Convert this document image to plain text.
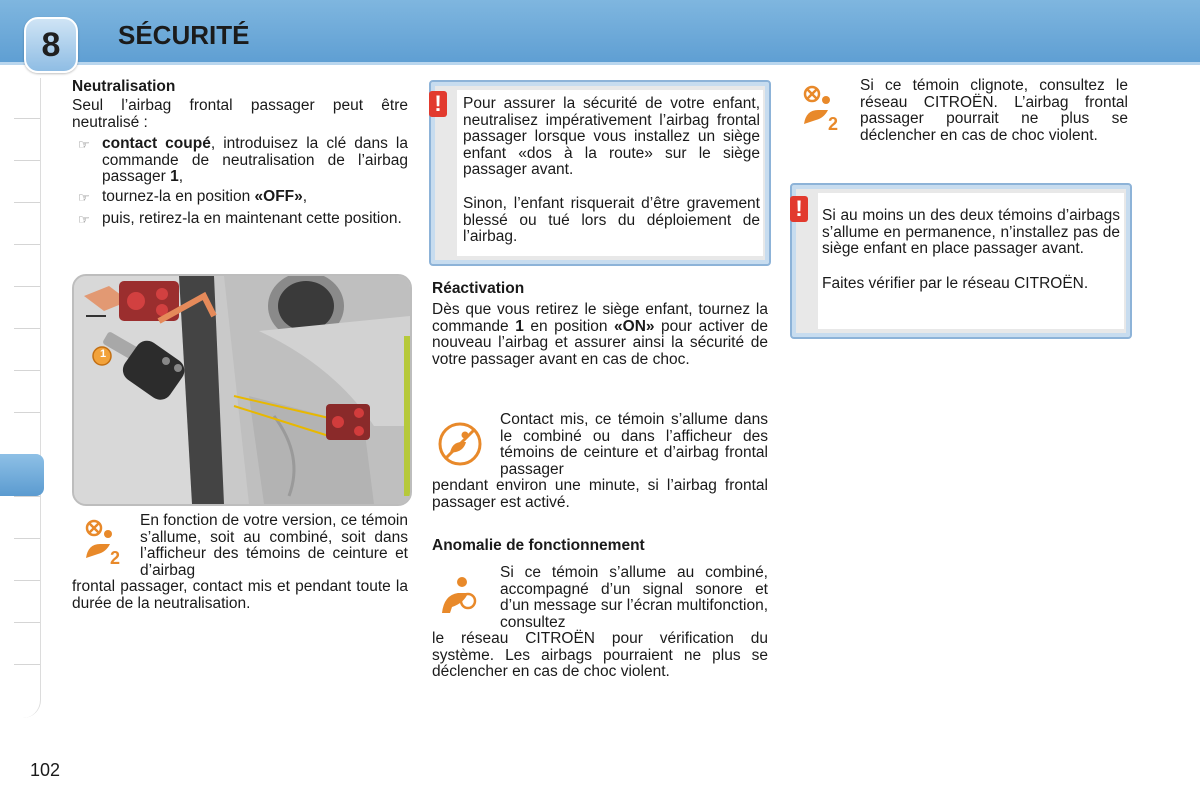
8	SÉCURITÉ
Neutralisation
Seul l’airbag frontal passager peut être neutralisé :
☞ contact coupé, introduisez la clé dans la commande de neutralisation de l’airbag passager 1,
☞ tournez-la en position «OFF»,
☞ puis, retirez-la en maintenant cette position.
1
2
En fonction de votre version, ce témoin s’allume, soit au combiné, soit dans l’afficheur des témoins de ceinture et d’airbag
frontal passager, contact mis et pendant toute la durée de la neutralisation.
!	Pour assurer la sécurité de votre enfant, neutralisez impérativement l’airbag frontal passager lorsque vous installez un siège enfant «dos à la route» sur le siège passager avant.
Sinon, l’enfant risquerait d’être gravement blessé ou tué lors du déploiement de l’airbag.
Réactivation
Dès que vous retirez le siège enfant, tournez la commande 1 en position «ON» pour activer de nouveau l’airbag et assurer ainsi la sécurité de votre passager avant en cas de choc.
Contact mis, ce témoin s’allume dans le combiné ou dans l’afficheur des témoins de ceinture et d’airbag frontal passager
pendant environ une minute, si l’airbag frontal passager est activé.
Anomalie de fonctionnement
Si ce témoin s’allume au combiné, accompagné d’un signal sonore et d’un message sur l’écran multifonction, consultez
le réseau CITROËN pour vérification du système. Les airbags pourraient ne plus se déclencher en cas de choc violent.
2
Si ce témoin clignote, consultez le réseau CITROËN. L’airbag frontal passager pourrait ne plus se déclencher en cas de choc violent.
!	Si au moins un des deux témoins d’airbags s’allume en permanence, n’installez pas de siège enfant en place passager avant.
Faites vérifier par le réseau CITROËN.
102
